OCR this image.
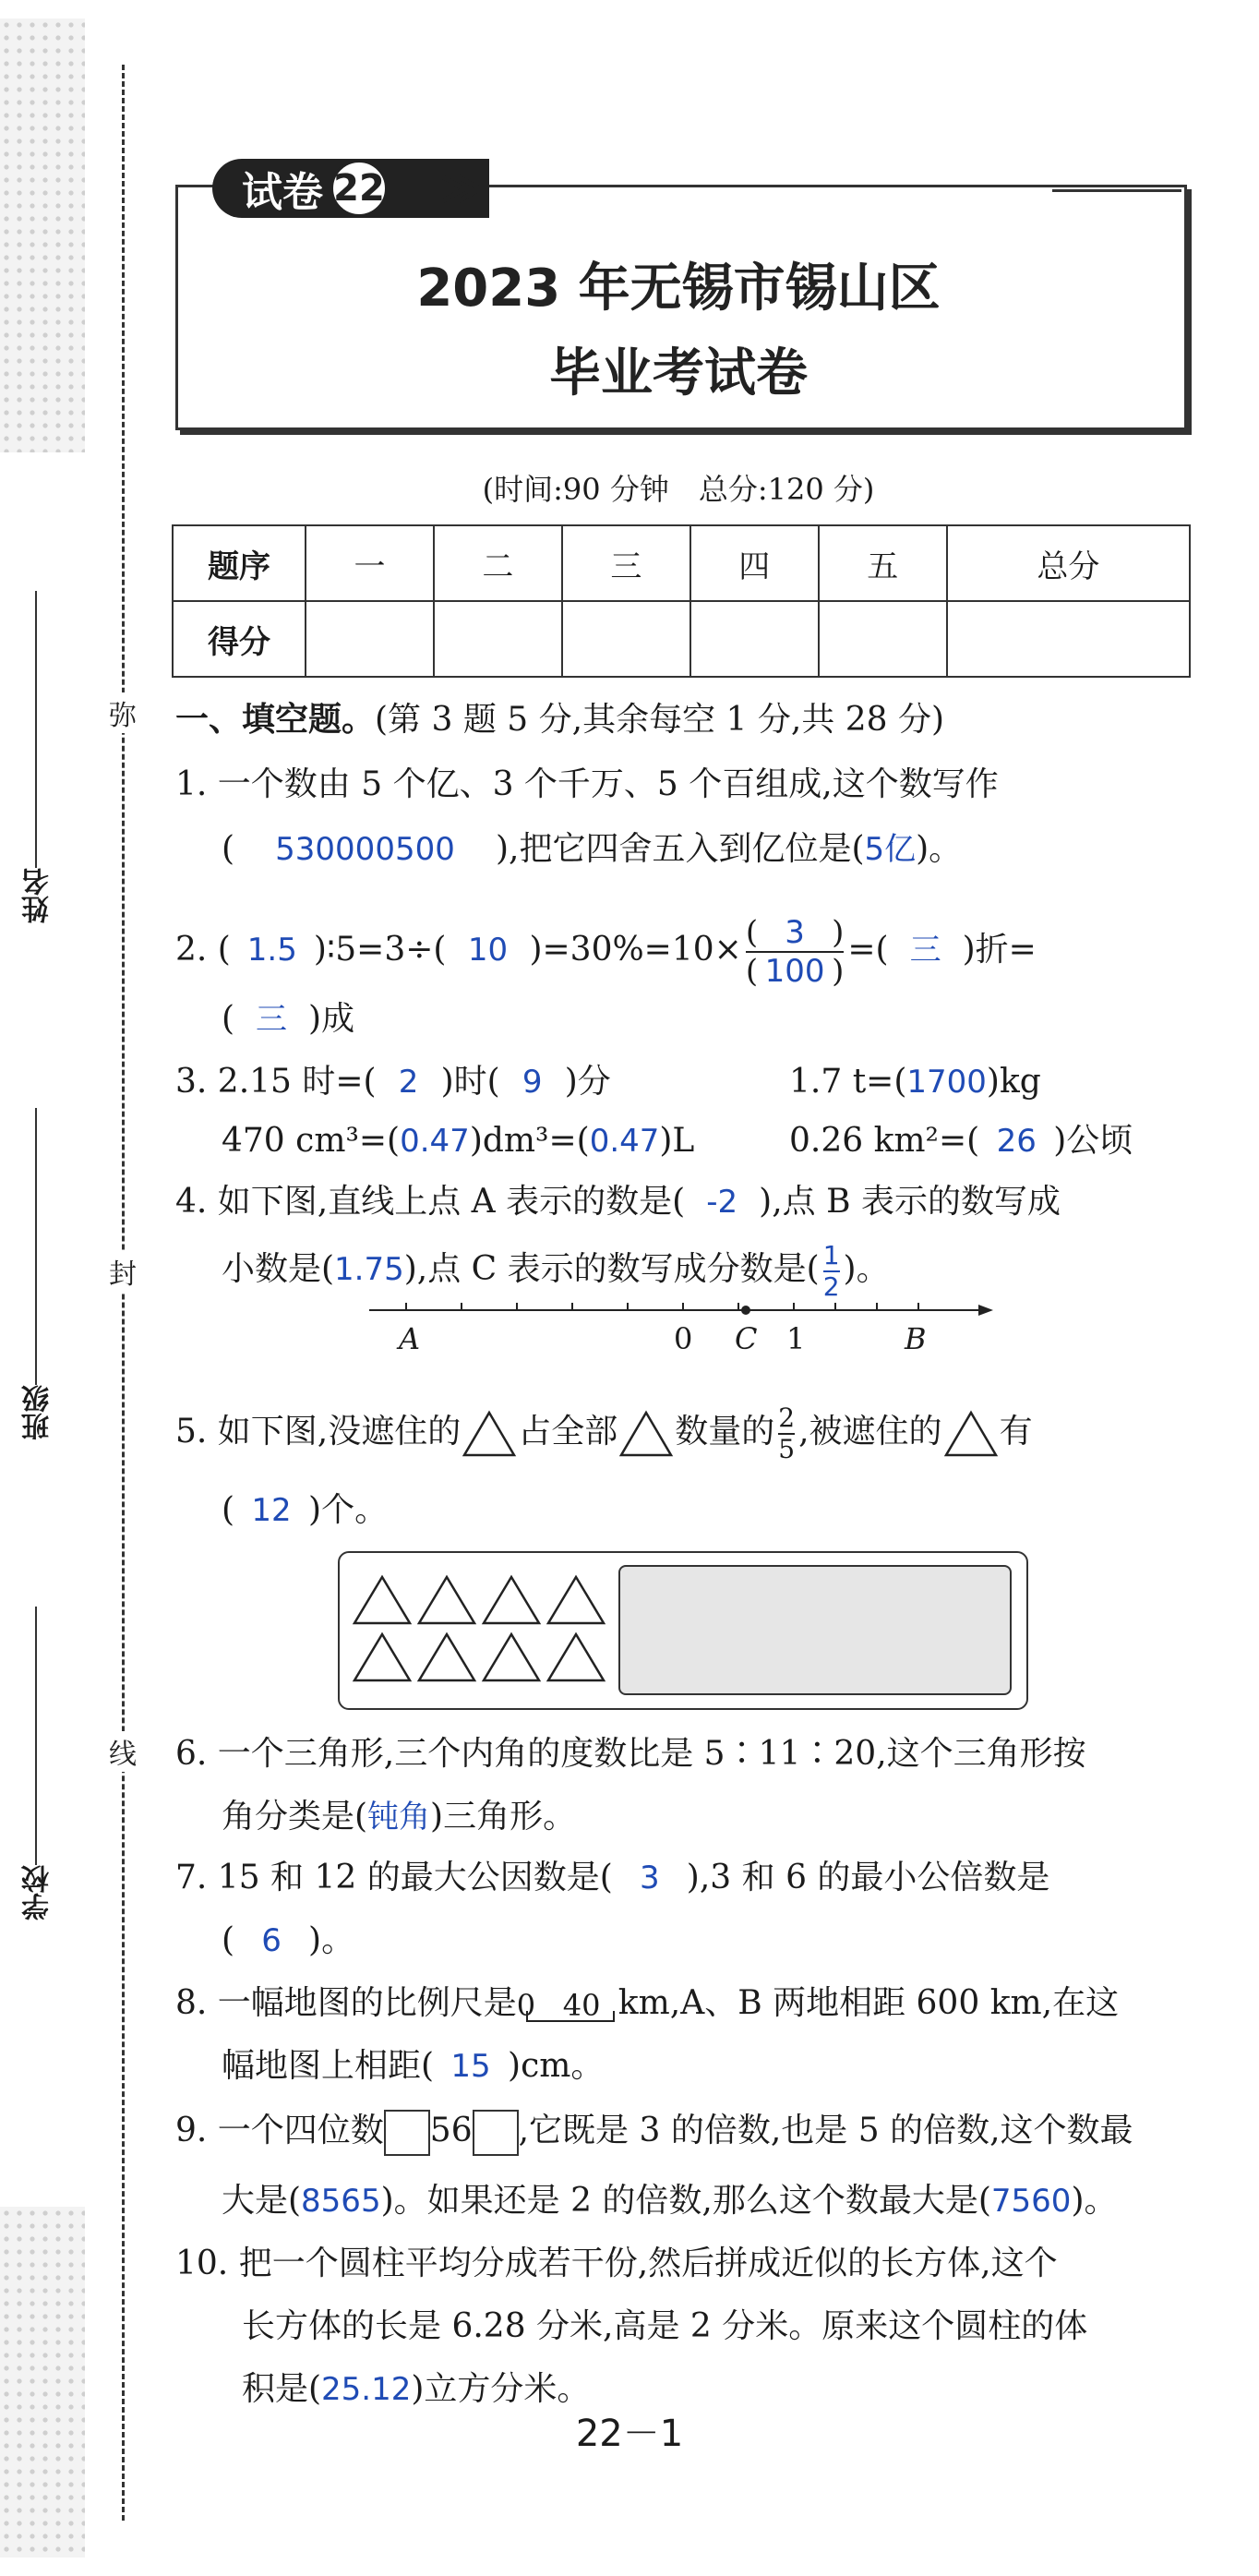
姓名
班级
学校
弥
封
线
试卷 22 ≫
2023 年无锡市锡山区
毕业考试卷
(时间:90 分钟　总分:120 分)
题序	一	二	三	四	五	总分
得分						
一、填空题。(第 3 题 5 分,其余每空 1 分,共 28 分)
1. 一个数由 5 个亿、3 个千万、5 个百组成,这个数写作
( 530000500 ),把它四舍五入到亿位是(5亿)。
2. ( 1.5 )∶5=3÷( 10 )$=30\%=10\times \frac{( 3 )}{( 100 )}$ =( 三 )折=
( 三 )成
3. 2.15 时=( 2 )时( 9 )分	1.7 t=(1700)kg
470 cm³=(0.47)dm³=(0.47)L	0.26 km²=( 26 )公顷
4. 如下图,直线上点 A 表示的数是( -2 ),点 B 表示的数写成
小数是(1.75),点 C 表示的数写成分数是( $\frac{1}{2}$ )。
A	0 C 1	B
5. 如下图,没遮住的 占全部 数量的 $\frac{2}{5}$ ,被遮住的 有
( 12 )个。
6. 一个三角形,三个内角的度数比是 5∶11∶20,这个三角形按
角分类是(钝角)三角形。
7. 15 和 12 的最大公因数是( 3 ),3 和 6 的最小公倍数是
( 6 )。
8. 一幅地图的比例尺是 0 40 km,A、B 两地相距 600 km,在这
幅地图上相距( 15 )cm。
9. 一个四位数 56 ,它既是 3 的倍数,也是 5 的倍数,这个数最
大是(8565)。如果还是 2 的倍数,那么这个数最大是(7560)。
10. 把一个圆柱平均分成若干份,然后拼成近似的长方体,这个
长方体的长是 6.28 分米,高是 2 分米。原来这个圆柱的体
积是(25.12)立方分米。
22－1
